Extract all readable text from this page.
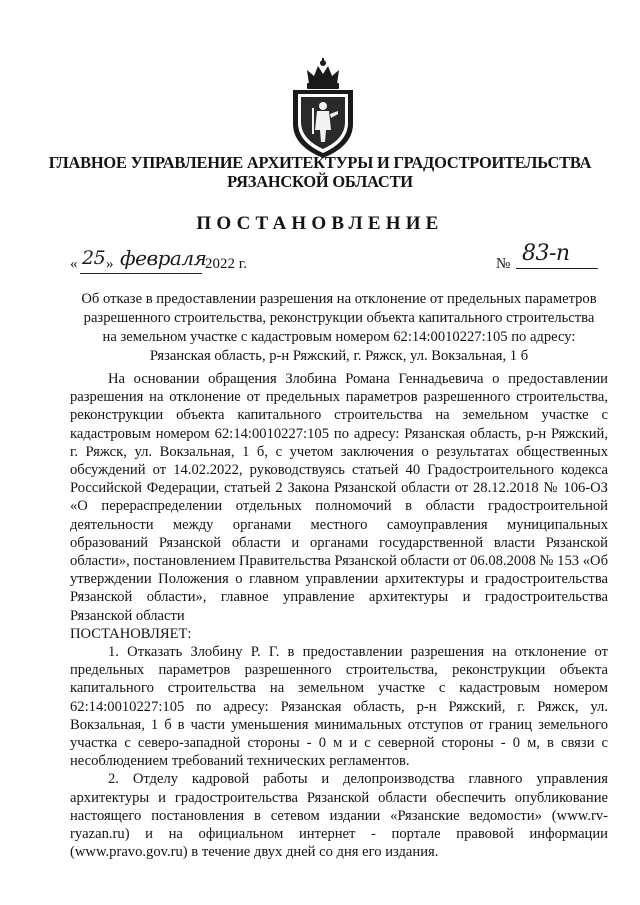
ГЛАВНОЕ УПРАВЛЕНИЕ АРХИТЕКТУРЫ И ГРАДОСТРОИТЕЛЬСТВА
РЯЗАНСКОЙ ОБЛАСТИ
ПОСТАНОВЛЕНИЕ
« 25 » февраля
2022 г.	№ 83-п
Об отказе в предоставлении разрешения на отклонение от предельных параметров
разрешенного строительства, реконструкции объекта капитального строительства
на земельном участке с кадастровым номером 62:14:0010227:105 по адресу:
Рязанская область, р-н Ряжский, г. Ряжск, ул. Вокзальная, 1 б

На основании обращения Злобина Романа Геннадьевича о предоставлении разрешения на отклонение от предельных параметров разрешенного строительства, реконструкции объекта капитального строительства на земельном участке с кадастровым номером 62:14:0010227:105 по адресу: Рязанская область, р-н Ряжский, г. Ряжск, ул. Вокзальная, 1 б, с учетом заключения о результатах общественных обсуждений от 14.02.2022, руководствуясь статьей 40 Градостроительного кодекса Российской Федерации, статьей 2 Закона Рязанской области от 28.12.2018 № 106-ОЗ «О перераспределении отдельных полномочий в области градостроительной деятельности между органами местного самоуправления муниципальных образований Рязанской области и органами государственной власти Рязанской области», постановлением Правительства Рязанской области от 06.08.2008 № 153 «Об утверждении Положения о главном управлении архитектуры и градостроительства Рязанской области», главное управление архитектуры и градостроительства Рязанской области

ПОСТАНОВЛЯЕТ:

1. Отказать Злобину Р. Г. в предоставлении разрешения на отклонение от предельных параметров разрешенного строительства, реконструкции объекта капитального строительства на земельном участке с кадастровым номером 62:14:0010227:105 по адресу: Рязанская область, р-н Ряжский, г. Ряжск, ул. Вокзальная, 1 б в части уменьшения минимальных отступов от границ земельного участка с северо-западной стороны - 0 м и с северной стороны - 0 м, в связи с несоблюдением требований технических регламентов.

2. Отделу кадровой работы и делопроизводства главного управления архитектуры и градостроительства Рязанской области обеспечить опубликование настоящего постановления в сетевом издании «Рязанские ведомости» (www.rv-ryazan.ru) и на официальном интернет - портале правовой информации (www.pravo.gov.ru) в течение двух дней со дня его издания.
